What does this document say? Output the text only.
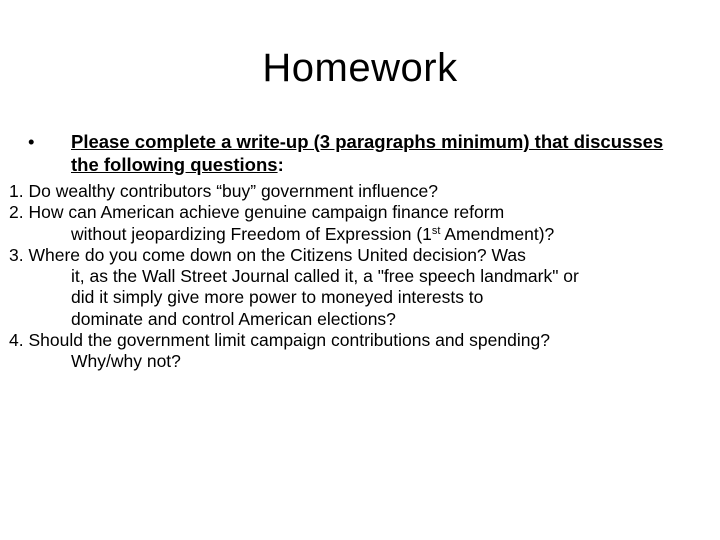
Homework
• Please complete a write-up (3 paragraphs minimum) that discusses the following questions:
1. Do wealthy contributors “buy” government influence?
2. How can American achieve genuine campaign finance reform
without jeopardizing Freedom of Expression (1st Amendment)?
3. Where do you come down on the Citizens United decision? Was
it, as the Wall Street Journal called it, a "free speech landmark" or
did it simply give more power to moneyed interests to
dominate and control American elections?
4. Should the government limit campaign contributions and spending?
Why/why not?
